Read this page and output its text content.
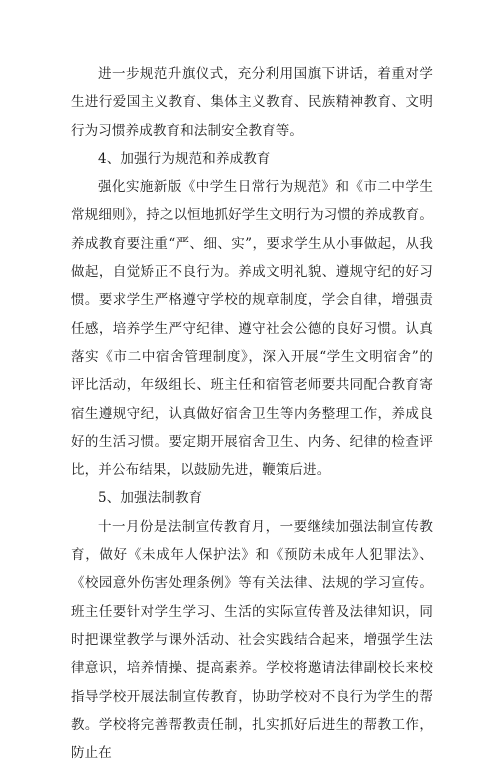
进一步规范升旗仪式，充分利用国旗下讲话，着重对学生进行爱国主义教育、集体主义教育、民族精神教育、文明行为习惯养成教育和法制安全教育等。

4、加强行为规范和养成教育

强化实施新版《中学生日常行为规范》和《市二中学生常规细则》，持之以恒地抓好学生文明行为习惯的养成教育。养成教育要注重“严、细、实”，要求学生从小事做起，从我做起，自觉矫正不良行为。养成文明礼貌、遵规守纪的好习惯。要求学生严格遵守学校的规章制度，学会自律，增强责任感，培养学生严守纪律、遵守社会公德的良好习惯。认真落实《市二中宿舍管理制度》，深入开展“学生文明宿舍”的评比活动，年级组长、班主任和宿管老师要共同配合教育寄宿生遵规守纪，认真做好宿舍卫生等内务整理工作，养成良好的生活习惯。要定期开展宿舍卫生、内务、纪律的检查评比，并公布结果，以鼓励先进，鞭策后进。

5、加强法制教育

十一月份是法制宣传教育月，一要继续加强法制宣传教育，做好《未成年人保护法》和《预防未成年人犯罪法》、《校园意外伤害处理条例》等有关法律、法规的学习宣传。班主任要针对学生学习、生活的实际宣传普及法律知识，同时把课堂教学与课外活动、社会实践结合起来，增强学生法律意识，培养情操、提高素养。学校将邀请法律副校长来校指导学校开展法制宣传教育，协助学校对不良行为学生的帮教。学校将完善帮教责任制，扎实抓好后进生的帮教工作，防止在
